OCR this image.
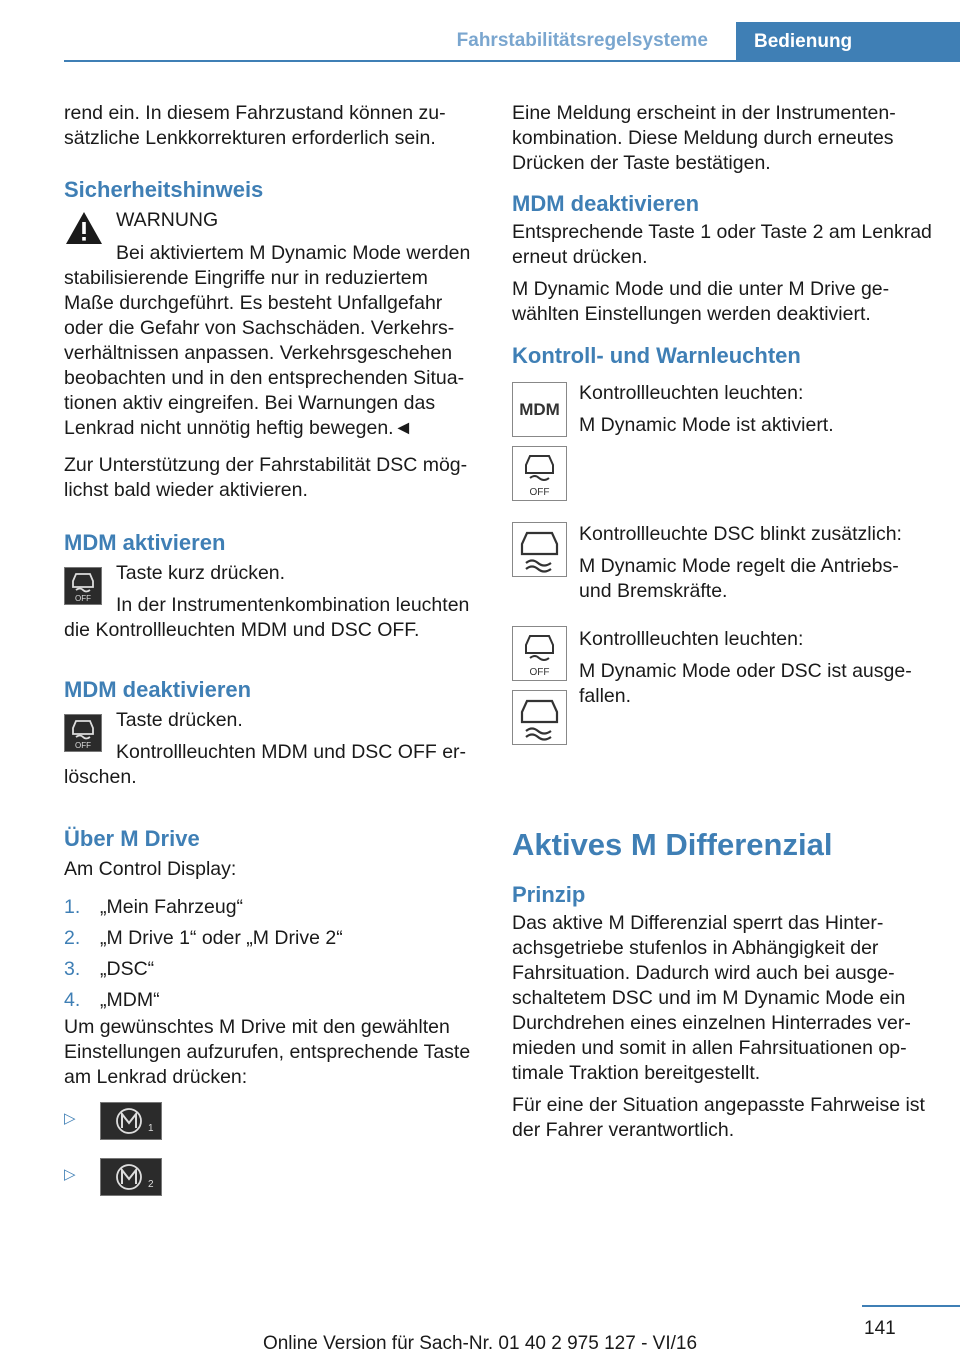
Fahrstabilitätsregelsysteme	Bedienung

rend ein. In diesem Fahrzustand können zusätzliche Lenkkorrekturen erforderlich sein.

Sicherheitshinweis

WARNUNG

Bei aktiviertem M Dynamic Mode werden stabilisierende Eingriffe nur in reduziertem Maße durchgeführt. Es besteht Unfallgefahr oder die Gefahr von Sachschäden. Verkehrsverhältnissen anpassen. Verkehrsgeschehen beobachten und in den entsprechenden Situationen aktiv eingreifen. Bei Warnungen das Lenkrad nicht unnötig heftig bewegen.◄

Zur Unterstützung der Fahrstabilität DSC möglichst bald wieder aktivieren.

MDM aktivieren

OFF

Taste kurz drücken.

In der Instrumentenkombination leuchten die Kontrollleuchten MDM und DSC OFF.

MDM deaktivieren

OFF

Taste drücken.

Kontrollleuchten MDM und DSC OFF erlöschen.

Über M Drive

Am Control Display:

1. „Mein Fahrzeug“
2. „M Drive 1“ oder „M Drive 2“
3. „DSC“
4. „MDM“

Um gewünschtes M Drive mit den gewählten Einstellungen aufzurufen, entsprechende Taste am Lenkrad drücken:

▷
1
▷
2

Eine Meldung erscheint in der Instrumentenkombination. Diese Meldung durch erneutes Drücken der Taste bestätigen.

MDM deaktivieren

Entsprechende Taste 1 oder Taste 2 am Lenkrad erneut drücken.

M Dynamic Mode und die unter M Drive gewählten Einstellungen werden deaktiviert.

Kontroll- und Warnleuchten

MDM
OFF

Kontrollleuchten leuchten:

M Dynamic Mode ist aktiviert.

Kontrollleuchte DSC blinkt zusätzlich:

M Dynamic Mode regelt die Antriebs- und Bremskräfte.

OFF

Kontrollleuchten leuchten:

M Dynamic Mode oder DSC ist ausgefallen.

Aktives M Differenzial

Prinzip

Das aktive M Differenzial sperrt das Hinterachsgetriebe stufenlos in Abhängigkeit der Fahrsituation. Dadurch wird auch bei ausgeschaltetem DSC und im M Dynamic Mode ein Durchdrehen eines einzelnen Hinterrades vermieden und somit in allen Fahrsituationen optimale Traktion bereitgestellt.

Für eine der Situation angepasste Fahrweise ist der Fahrer verantwortlich.

141
Online Version für Sach-Nr. 01 40 2 975 127 - VI/16
